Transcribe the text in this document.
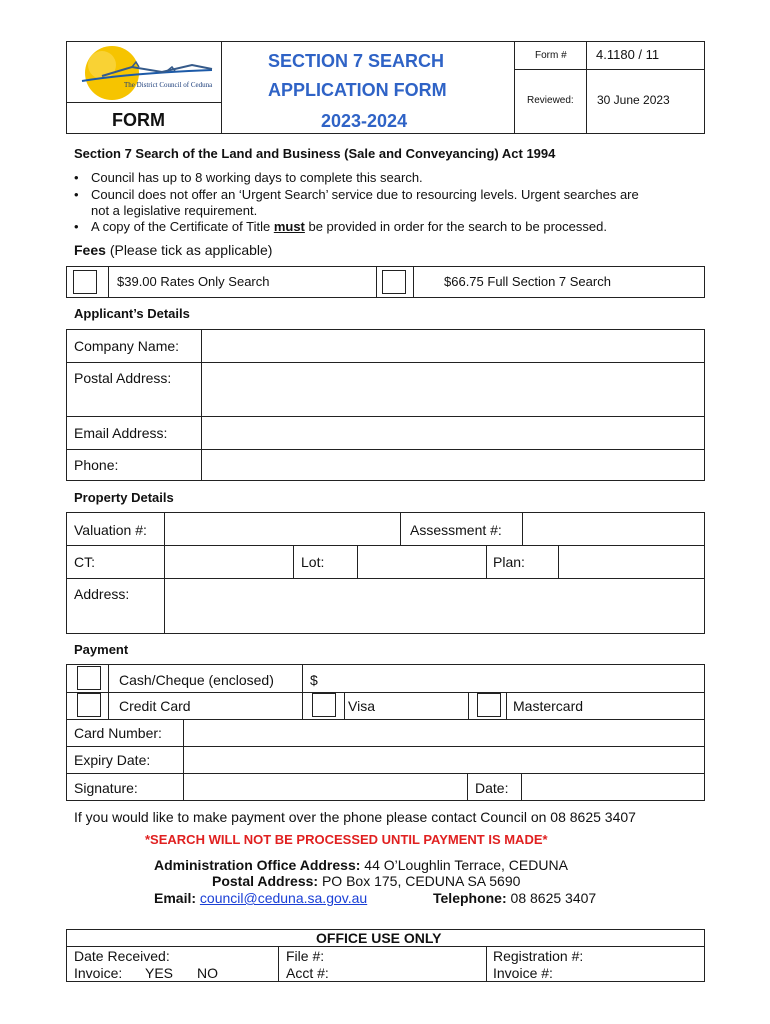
The District Council of Ceduna
FORM
SECTION 7 SEARCH
APPLICATION FORM
2023-2024
Form # 4.1180 / 11
Reviewed: 30 June 2023
Section 7 Search of the Land and Business (Sale and Conveyancing) Act 1994
• Council has up to 8 working days to complete this search.
• Council does not offer an ‘Urgent Search’ service due to resourcing levels. Urgent searches are
not a legislative requirement.
• A copy of the Certificate of Title must be provided in order for the search to be processed.
Fees (Please tick as applicable)
$39.00 Rates Only Search	$66.75 Full Section 7 Search
Applicant’s Details
Company Name:
Postal Address:
Email Address:
Phone:
Property Details
Valuation #:	Assessment #:
CT:	Lot:	Plan:
Address:
Payment
Cash/Cheque (enclosed)	$
Credit Card	Visa	Mastercard
Card Number:
Expiry Date:
Signature:	Date:
If you would like to make payment over the phone please contact Council on 08 8625 3407
*SEARCH WILL NOT BE PROCESSED UNTIL PAYMENT IS MADE*
Administration Office Address: 44 O’Loughlin Terrace, CEDUNA
Postal Address: PO Box 175, CEDUNA SA 5690
Email: council@ceduna.sa.gov.au	Telephone: 08 8625 3407
OFFICE USE ONLY
Date Received:	File #:	Registration #:
Invoice: YES NO	Acct #:	Invoice #:
